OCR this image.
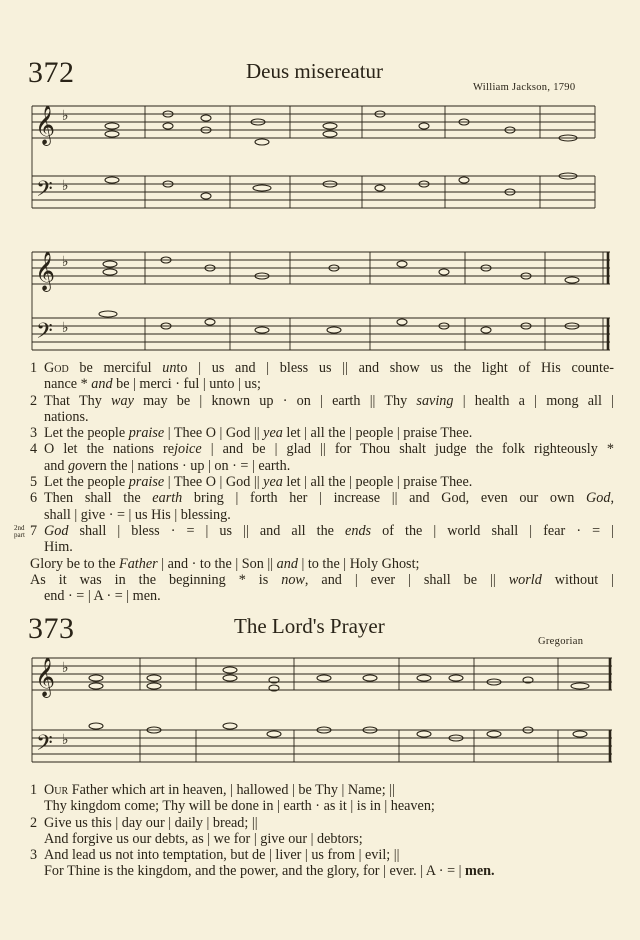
372	Deus misereatur
William Jackson, 1790
𝄞
𝄢
♭
♭
𝄞
𝄢
♭
♭
1 God be merciful unto | us and | bless us || and show us the light of His counte-
nance * and be | merci · ful | unto | us;
2 That Thy way may be | known up · on | earth || Thy saving | health a | mong all |
nations.
3 Let the people praise | Thee O | God || yea let | all the | people | praise Thee.
4 O let the nations rejoice | and be | glad || for Thou shalt judge the folk righteously *
and govern the | nations · up | on · = | earth.
5 Let the people praise | Thee O | God || yea let | all the | people | praise Thee.
6 Then shall the earth bring | forth her | increase || and God, even our own God,
shall | give · = | us His | blessing.
2nd
part 7 God shall | bless · = | us || and all the ends of the | world shall | fear · = |
Him.
Glory be to the Father | and · to the | Son || and | to the | Holy Ghost;
As it was in the beginning * is now, and | ever | shall be || world without |
end · = | A · = | men.
373	The Lord's Prayer
Gregorian
𝄞
𝄢
♭
♭
1 Our Father which art in heaven, | hallowed | be Thy | Name; ||
Thy kingdom come; Thy will be done in | earth · as it | is in | heaven;
2 Give us this | day our | daily | bread; ||
And forgive us our debts, as | we for | give our | debtors;
3 And lead us not into temptation, but de | liver | us from | evil; ||
For Thine is the kingdom, and the power, and the glory, for | ever. | A · = | men.
